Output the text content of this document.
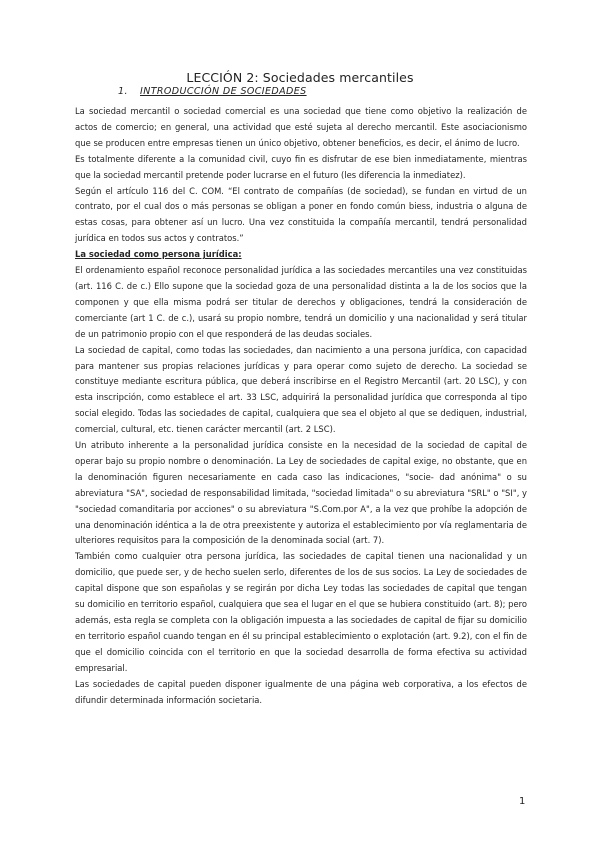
LECCIÓN 2: Sociedades mercantiles
1. INTRODUCCIÓN DE SOCIEDADES

La sociedad mercantil o sociedad comercial es una sociedad que tiene como objetivo la realización de actos de comercio; en general, una actividad que esté sujeta al derecho mercantil. Este asociacionismo que se producen entre empresas tienen un único objetivo, obtener beneficios, es decir, el ánimo de lucro.

Es totalmente diferente a la comunidad civil, cuyo fin es disfrutar de ese bien inmediatamente, mientras que la sociedad mercantil pretende poder lucrarse en el futuro (les diferencia la inmediatez).

Según el artículo 116 del C. COM. “El contrato de compañías (de sociedad), se fundan en virtud de un contrato, por el cual dos o más personas se obligan a poner en fondo común biess, industria o alguna de estas cosas, para obtener así un lucro. Una vez constituida la compañía mercantil, tendrá personalidad jurídica en todos sus actos y contratos.”

La sociedad como persona jurídica:

El ordenamiento español reconoce personalidad jurídica a las sociedades mercantiles una vez constituidas (art. 116 C. de c.) Ello supone que la sociedad goza de una personalidad distinta a la de los socios que la componen y que ella misma podrá ser titular de derechos y obligaciones, tendrá la consideración de comerciante (art 1 C. de c.), usará su propio nombre, tendrá un domicilio y una nacionalidad y será titular de un patrimonio propio con el que responderá de las deudas sociales.

La sociedad de capital, como todas las sociedades, dan nacimiento a una persona jurídica, con capacidad para mantener sus propias relaciones jurídicas y para operar como sujeto de derecho. La sociedad se constituye mediante escritura pública, que deberá inscribirse en el Registro Mercantil (art. 20 LSC), y con esta inscripción, como establece el art. 33 LSC, adquirirá la personalidad jurídica que corresponda al tipo social elegido. Todas las sociedades de capital, cualquiera que sea el objeto al que se dediquen, industrial, comercial, cultural, etc. tienen carácter mercantil (art. 2 LSC).

Un atributo inherente a la personalidad jurídica consiste en la necesidad de la sociedad de capital de operar bajo su propio nombre o denominación. La Ley de sociedades de capital exige, no obstante, que en la denominación figuren necesariamente en cada caso las indicaciones, "socie- dad anónima" o su abreviatura "SA", sociedad de responsabilidad limitada, "sociedad limitada" o su abreviatura "SRL" o "SI", y "sociedad comanditaria por acciones" o su abreviatura "S.Com.por A", a la vez que prohíbe la adopción de una denominación idéntica a la de otra preexistente y autoriza el establecimiento por vía reglamentaria de ulteriores requisitos para la composición de la denominada social (art. 7).

También como cualquier otra persona jurídica, las sociedades de capital tienen una nacionalidad y un domicilio, que puede ser, y de hecho suelen serlo, diferentes de los de sus socios. La Ley de sociedades de capital dispone que son españolas y se regirán por dicha Ley todas las sociedades de capital que tengan su domicilio en territorio español, cualquiera que sea el lugar en el que se hubiera constituido (art. 8); pero además, esta regla se completa con la obligación impuesta a las sociedades de capital de fijar su domicilio en territorio español cuando tengan en él su principal establecimiento o explotación (art. 9.2), con el fin de que el domicilio coincida con el territorio en que la sociedad desarrolla de forma efectiva su actividad empresarial.

Las sociedades de capital pueden disponer igualmente de una página web corporativa, a los efectos de difundir determinada información societaria.

1
